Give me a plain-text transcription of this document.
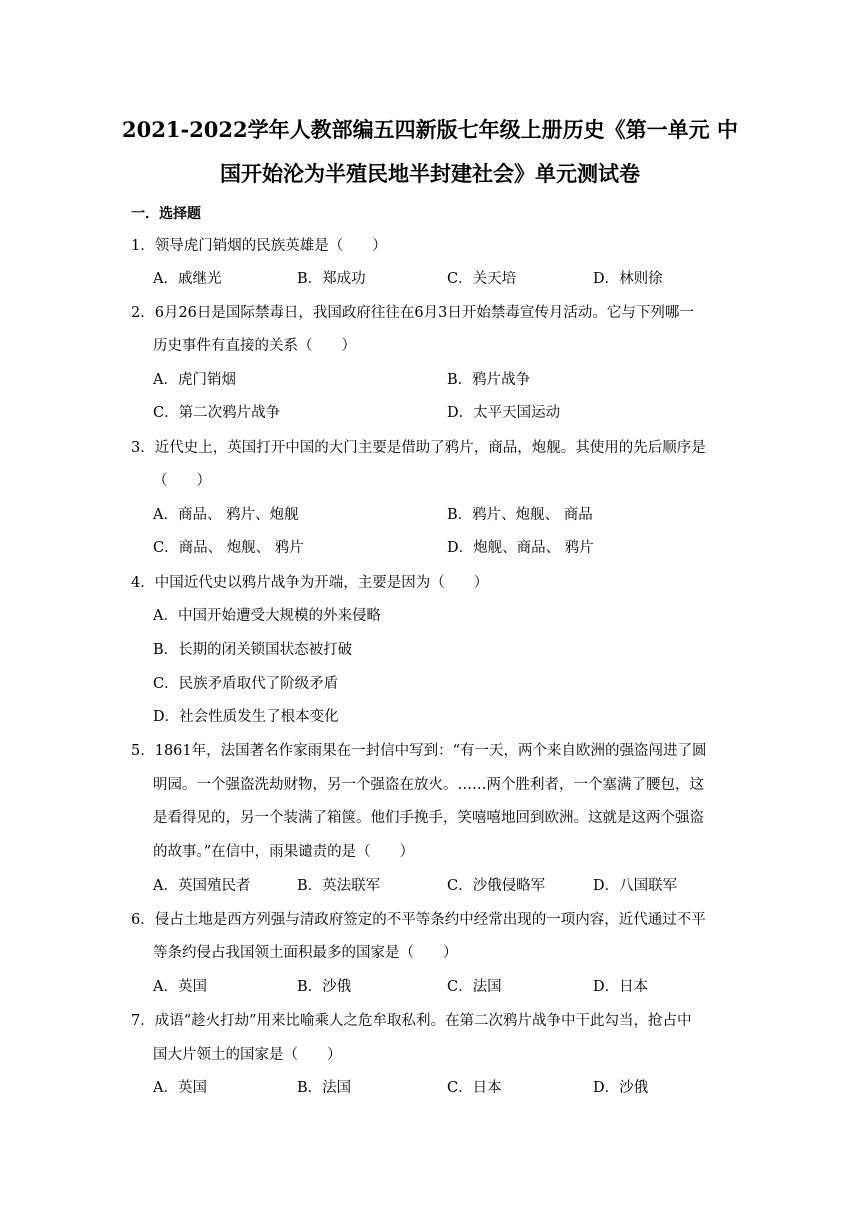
2021-2022学年人教部编五四新版七年级上册历史《第一单元 中
国开始沦为半殖民地半封建社会》单元测试卷
一．选择题
1．领导虎门销烟的民族英雄是（　　）
A．戚继光	B．郑成功	C．关天培	D．林则徐
2．6月26日是国际禁毒日，我国政府往往在6月3日开始禁毒宣传月活动。它与下列哪一
历史事件有直接的关系（　　）
A．虎门销烟	B．鸦片战争
C．第二次鸦片战争	D．太平天国运动
3．近代史上，英国打开中国的大门主要是借助了鸦片，商品，炮舰。其使用的先后顺序是
（　　）
A．商品、 鸦片、炮舰	B．鸦片、炮舰、 商品
C．商品、 炮舰、 鸦片	D．炮舰、商品、 鸦片
4．中国近代史以鸦片战争为开端，主要是因为（　　）
A．中国开始遭受大规模的外来侵略
B．长期的闭关锁国状态被打破
C．民族矛盾取代了阶级矛盾
D．社会性质发生了根本变化
5．1861年，法国著名作家雨果在一封信中写到：“有一天，两个来自欧洲的强盗闯进了圆
明园。一个强盗洗劫财物，另一个强盗在放火。……两个胜利者，一个塞满了腰包，这
是看得见的，另一个装满了箱箧。他们手挽手，笑嘻嘻地回到欧洲。这就是这两个强盗
的故事。”在信中，雨果谴责的是（　　）
A．英国殖民者	B．英法联军	C．沙俄侵略军	D．八国联军
6．侵占土地是西方列强与清政府签定的不平等条约中经常出现的一项内容，近代通过不平
等条约侵占我国领土面积最多的国家是（　　）
A．英国	B．沙俄	C．法国	D．日本
7．成语“趁火打劫”用来比喻乘人之危牟取私利。在第二次鸦片战争中干此勾当，抢占中
国大片领土的国家是（　　）
A．英国	B．法国	C．日本	D．沙俄
